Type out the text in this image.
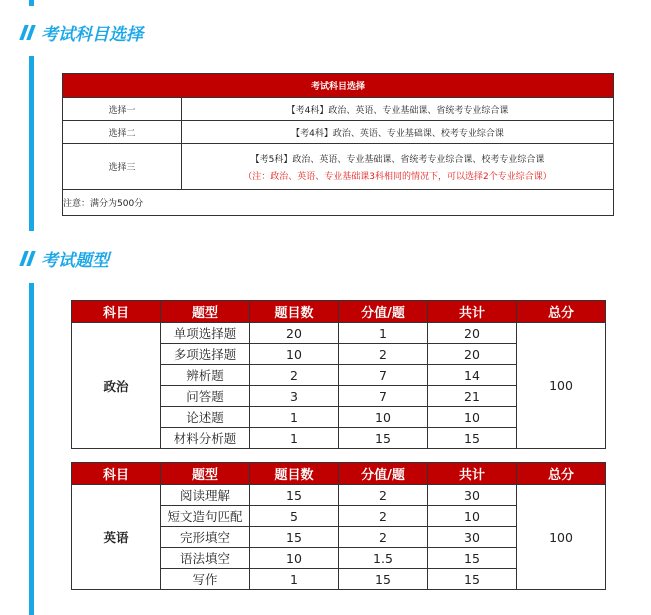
考试科目选择
考试科目选择	
选择一	【考4科】政治、英语、专业基础课、省统考专业综合课
选择二	【考4科】政治、英语、专业基础课、校考专业综合课
选择三	【考5科】政治、英语、专业基础课、省统考专业综合课、校考专业综合课
（注：政治、英语、专业基础课3科相同的情况下，可以选择2个专业综合课）

注意：满分为500分	
考试题型
科目	题型	题目数	分值/题	共计	总分
政治	单项选择题	20	1	20	100
	多项选择题	10	2	20	
	辨析题	2	7	14	
	问答题	3	7	21	
	论述题	1	10	10	
	材料分析题	1	15	15	
科目	题型	题目数	分值/题	共计	总分
英语	阅读理解	15	2	30	100
	短文造句匹配	5	2	10	
	完形填空	15	2	30	
	语法填空	10	1.5	15	
	写作	1	15	15	
